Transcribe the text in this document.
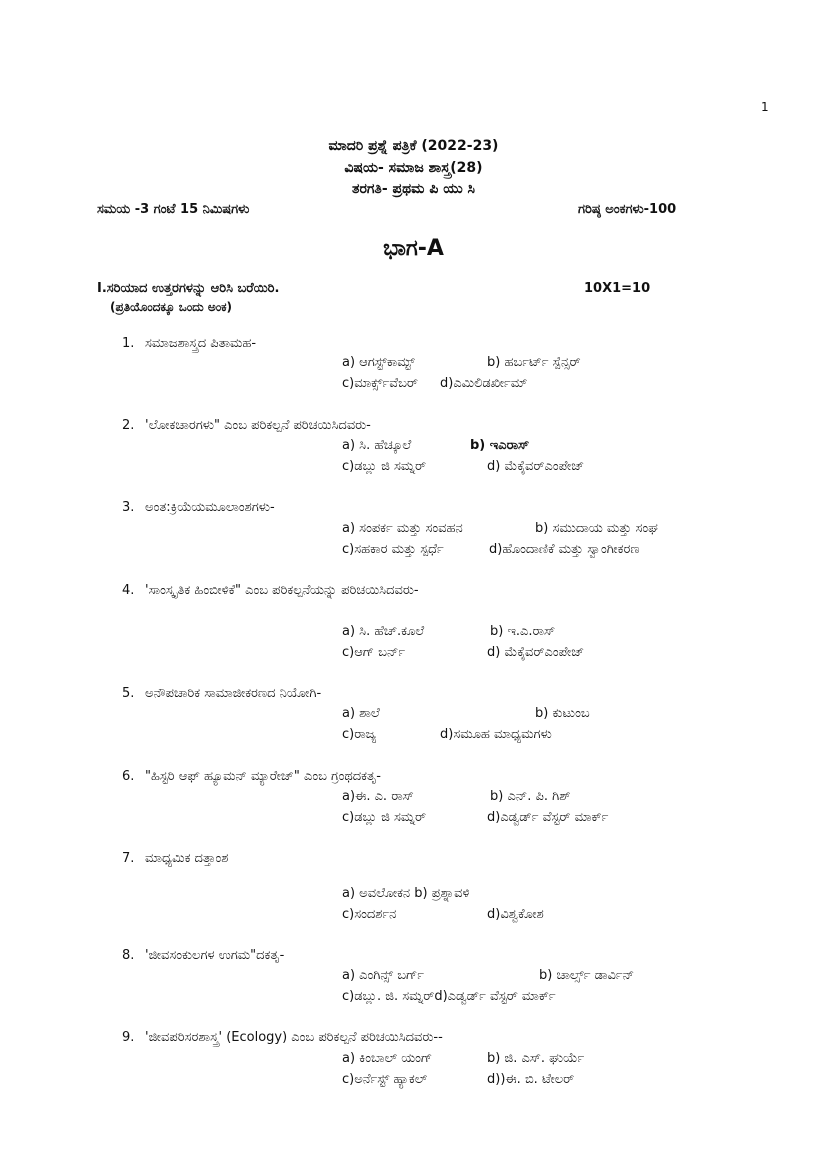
1
ಮಾದರಿ ಪ್ರಶ್ನೆ ಪತ್ರಿಕೆ (2022-23)
ವಿಷಯ- ಸಮಾಜ ಶಾಸ್ತ್ರ(28)
ತರಗತಿ- ಪ್ರಥಮ ಪಿ ಯು ಸಿ
ಸಮಯ -3 ಗಂಟೆ 15 ನಿಮಿಷಗಳು	ಗರಿಷ್ಠ ಅಂಕಗಳು-100
ಭಾಗ-A
I.ಸರಿಯಾದ ಉತ್ತರಗಳನ್ನು ಆರಿಸಿ ಬರೆಯಿರಿ.	10X1=10
(ಪ್ರತಿಯೊಂದಕ್ಕೂ ಒಂದು ಅಂಕ)
1. ಸಮಾಜಶಾಸ್ತ್ರದ ಪಿತಾಮಹ-
a) ಆಗಸ್ಟ್‌ಕಾಮ್ಟ್	b) ಹರ್ಬರ್ಟ್ ಸ್ಪೆನ್ಸರ್
c)ಮಾರ್ಕ್ಸ್‌ವೆಬರ್ d)ಎಮಿಲಿಡರ್ಖೀಮ್
2. 'ಲೋಕಚಾರಗಳು" ಎಂಬ ಪರಿಕಲ್ಪನೆ ಪರಿಚಯಿಸಿದವರು-
a) ಸಿ. ಹೆಚ್ಕೂಲೆ	b) ಇಎರಾಸ್
c)ಡಬ್ಲು ಜಿ ಸಮ್ನರ್	d) ಮೆಕೈವರ್‌ಎಂಪೇಜ್
3. ಅಂತ:ಕ್ರಿಯೆಯಮೂಲಾಂಶಗಳು-
a) ಸಂಪರ್ಕ ಮತ್ತು ಸಂವಹನ	b) ಸಮುದಾಯ ಮತ್ತು ಸಂಘ
c)ಸಹಕಾರ ಮತ್ತು ಸ್ಪರ್ಧೆ	d)ಹೊಂದಾಣಿಕೆ ಮತ್ತು ಸ್ವಾಂಗೀಕರಣ
4. 'ಸಾಂಸ್ಕೃತಿಕ ಹಿಂಬೀಳಿಕೆ" ಎಂಬ ಪರಿಕಲ್ಪನೆಯನ್ನು ಪರಿಚಯಿಸಿದವರು-
a) ಸಿ. ಹೆಚ್.ಕೂಲೆ	b) ಇ.ಎ.ರಾಸ್
c)ಆಗ್ ಬರ್ನ್	d) ಮೆಕೈವರ್‌ಎಂಪೇಜ್
5. ಅನೌಪಚಾರಿಕ ಸಾಮಾಜೀಕರಣದ ನಿಯೋಗಿ-
a) ಶಾಲೆ	b) ಕುಟುಂಬ
c)ರಾಜ್ಯ	d)ಸಮೂಹ ಮಾಧ್ಯಮಗಳು
6. "ಹಿಸ್ಟರಿ ಆಫ್ ಹ್ಯೂಮನ್ ಮ್ಯಾರೇಜ್" ಎಂಬ ಗ್ರಂಥದಕತೃ-
a)ಈ. ಎ. ರಾಸ್	b) ಎನ್. ಪಿ. ಗಿಶ್
c)ಡಬ್ಲು ಜಿ ಸಮ್ನರ್	d)ಎಡ್ವರ್ಡ್ ವೆಸ್ಟರ್ ಮಾರ್ಕ್
7. ಮಾಧ್ಯಮಿಕ ದತ್ತಾಂಶ
a) ಅವಲೋಕನ b) ಪ್ರಶ್ನಾವಳಿ
c)ಸಂದರ್ಶನ	d)ವಿಶ್ವಕೋಶ
8. 'ಜೀವಸಂಕುಲಗಳ ಉಗಮ"ದಕತೃ-
a) ಎಂಗಿನ್ಸ್ ಬರ್ಗ್	b) ಚಾರ್ಲ್ಸ್ ಡಾರ್ವಿನ್
c)ಡಬ್ಲು. ಜಿ. ಸಮ್ನರ್d)ಎಡ್ವರ್ಡ್ ವೆಸ್ಟರ್ ಮಾರ್ಕ್
9. 'ಜೀವಪರಿಸರಶಾಸ್ತ್ರ' (Ecology) ಎಂಬ ಪರಿಕಲ್ಪನೆ ಪರಿಚಯಿಸಿದವರು--
a) ಕಿಂಬಾಲ್ ಯಂಗ್	b) ಜಿ. ಎಸ್. ಘುರ್ಯೆ
c)ಅರ್ನೆಸ್ಟ್ ಹ್ಯಾಕಲ್	d))ಈ. ಬಿ. ಟೇಲರ್
